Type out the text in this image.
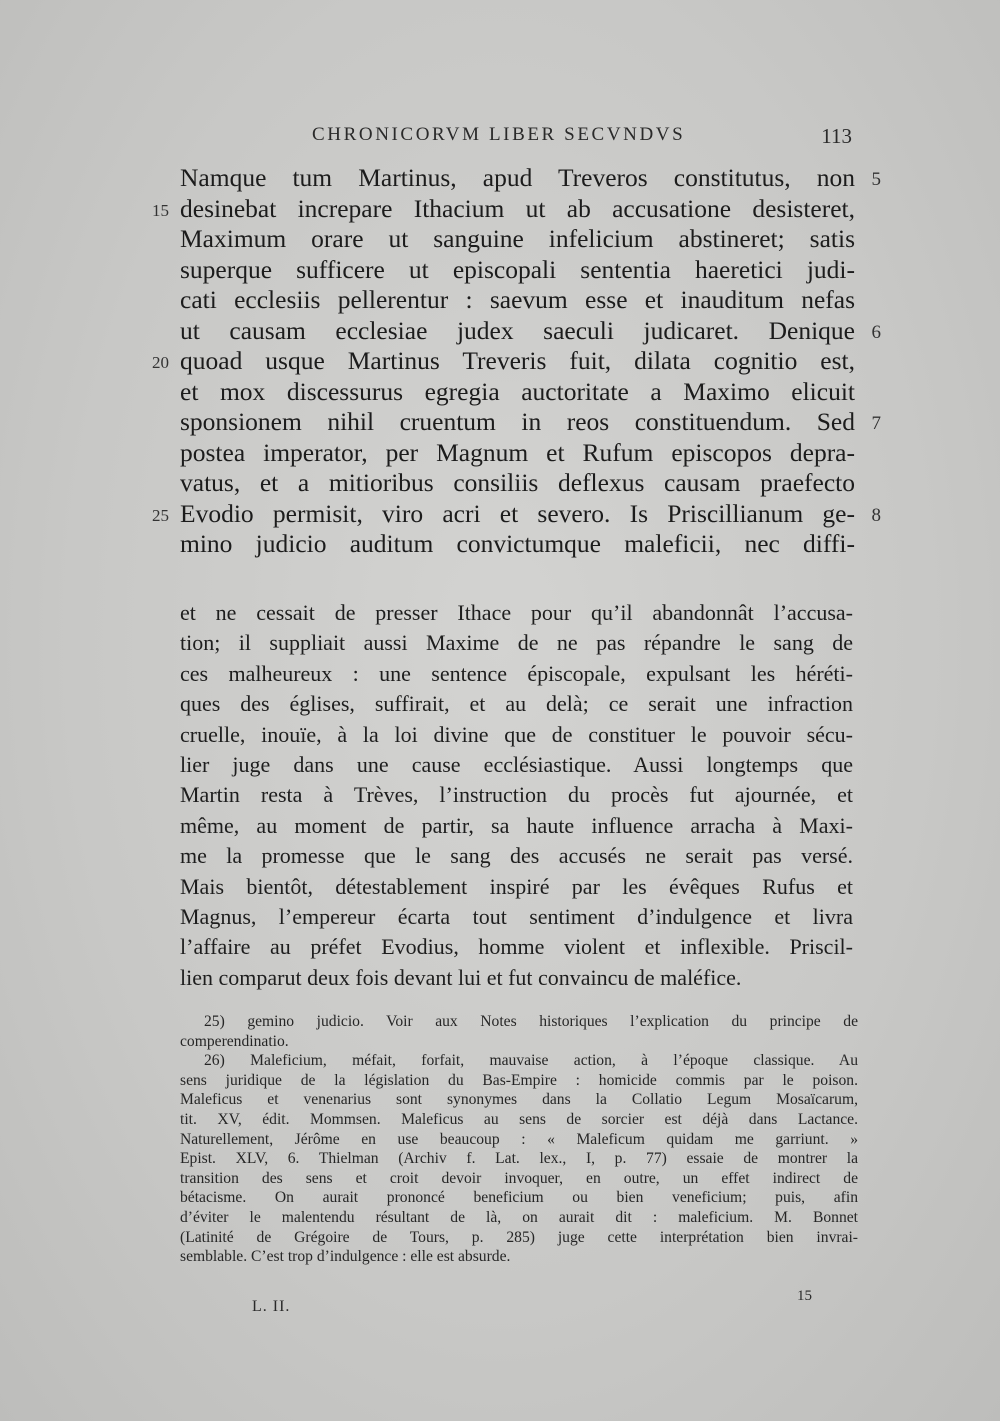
CHRONICORVM LIBER SECVNDVS	113
Namque tum Martinus, apud Treveros constitutus, non 5
desinebat increpare Ithacium ut ab accusatione desisteret,
15
Maximum orare ut sanguine infelicium abstineret; satis
superque sufficere ut episcopali sententia haeretici judi-
cati ecclesiis pellerentur : saevum esse et inauditum nefas
ut causam ecclesiae judex saeculi judicaret. Denique 6
quoad usque Martinus Treveris fuit, dilata cognitio est,
20
et mox discessurus egregia auctoritate a Maximo elicuit
sponsionem nihil cruentum in reos constituendum. Sed 7
postea imperator, per Magnum et Rufum episcopos depra-
vatus, et a mitioribus consiliis deflexus causam praefecto
Evodio permisit, viro acri et severo. Is Priscillianum ge-
25	8
mino judicio auditum convictumque maleficii, nec diffi-
et ne cessait de presser Ithace pour qu’il abandonnât l’accusa-
tion; il suppliait aussi Maxime de ne pas répandre le sang de
ces malheureux : une sentence épiscopale, expulsant les héréti-
ques des églises, suffirait, et au delà; ce serait une infraction
cruelle, inouïe, à la loi divine que de constituer le pouvoir sécu-
lier juge dans une cause ecclésiastique. Aussi longtemps que
Martin resta à Trèves, l’instruction du procès fut ajournée, et
même, au moment de partir, sa haute influence arracha à Maxi-
me la promesse que le sang des accusés ne serait pas versé.
Mais bientôt, détestablement inspiré par les évêques Rufus et
Magnus, l’empereur écarta tout sentiment d’indulgence et livra
l’affaire au préfet Evodius, homme violent et inflexible. Priscil-
lien comparut deux fois devant lui et fut convaincu de maléfice.
25) gemino judicio. Voir aux Notes historiques l’explication du principe de
comperendinatio.
26) Maleficium, méfait, forfait, mauvaise action, à l’époque classique. Au
sens juridique de la législation du Bas-Empire : homicide commis par le poison.
Maleficus et venenarius sont synonymes dans la Collatio Legum Mosaïcarum,
tit. XV, édit. Mommsen. Maleficus au sens de sorcier est déjà dans Lactance.
Naturellement, Jérôme en use beaucoup : « Maleficum quidam me garriunt. »
Epist. XLV, 6. Thielman (Archiv f. Lat. lex., I, p. 77) essaie de montrer la
transition des sens et croit devoir invoquer, en outre, un effet indirect de
bétacisme. On aurait prononcé beneficium ou bien veneficium; puis, afin
d’éviter le malentendu résultant de là, on aurait dit : maleficium. M. Bonnet
(Latinité de Grégoire de Tours, p. 285) juge cette interprétation bien invrai-
semblable. C’est trop d’indulgence : elle est absurde.
L. II.
15
